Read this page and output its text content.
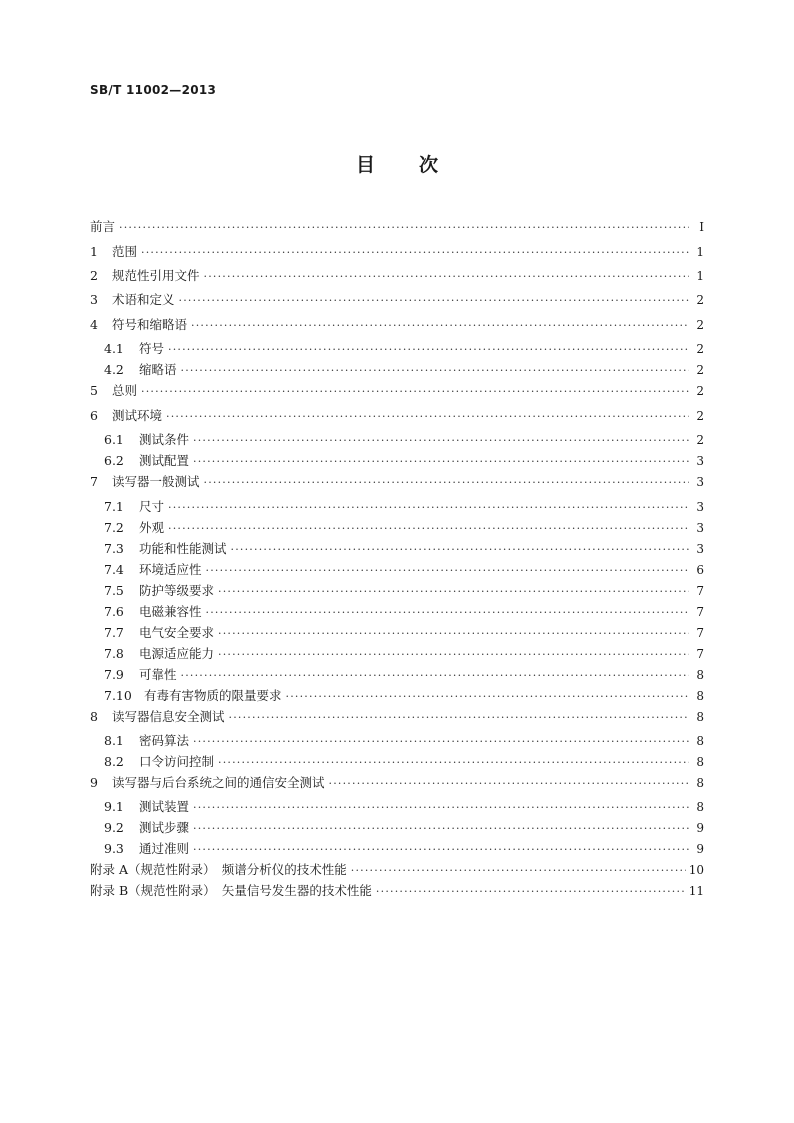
SB/T 11002—2013
目次
前言 ·····	Ⅰ
1	范围 ·····	1
2	规范性引用文件 ·····	1
3	术语和定义 ·····	2
4	符号和缩略语 ·····	2
4.1	符号 ·····	2
4.2	缩略语 ·····	2
5	总则 ·····	2
6	测试环境 ·····	2
6.1	测试条件 ·····	2
6.2	测试配置 ·····	3
7	读写器一般测试 ·····	3
7.1	尺寸 ·····	3
7.2	外观 ·····	3
7.3	功能和性能测试 ·····	3
7.4	环境适应性 ·····	6
7.5	防护等级要求 ·····	7
7.6	电磁兼容性 ·····	7
7.7	电气安全要求 ·····	7
7.8	电源适应能力 ·····	7
7.9	可靠性 ·····	8
7.10 有毒有害物质的限量要求 ·····	8
8	读写器信息安全测试 ·····	8
8.1	密码算法 ·····	8
8.2	口令访问控制 ·····	8
9	读写器与后台系统之间的通信安全测试 ·····	8
9.1	测试装置 ·····	8
9.2	测试步骤 ·····	9
9.3	通过准则 ·····	9
附录 A（规范性附录）　频谱分析仪的技术性能 ·····	10
附录 B（规范性附录）　矢量信号发生器的技术性能 ·····	11
